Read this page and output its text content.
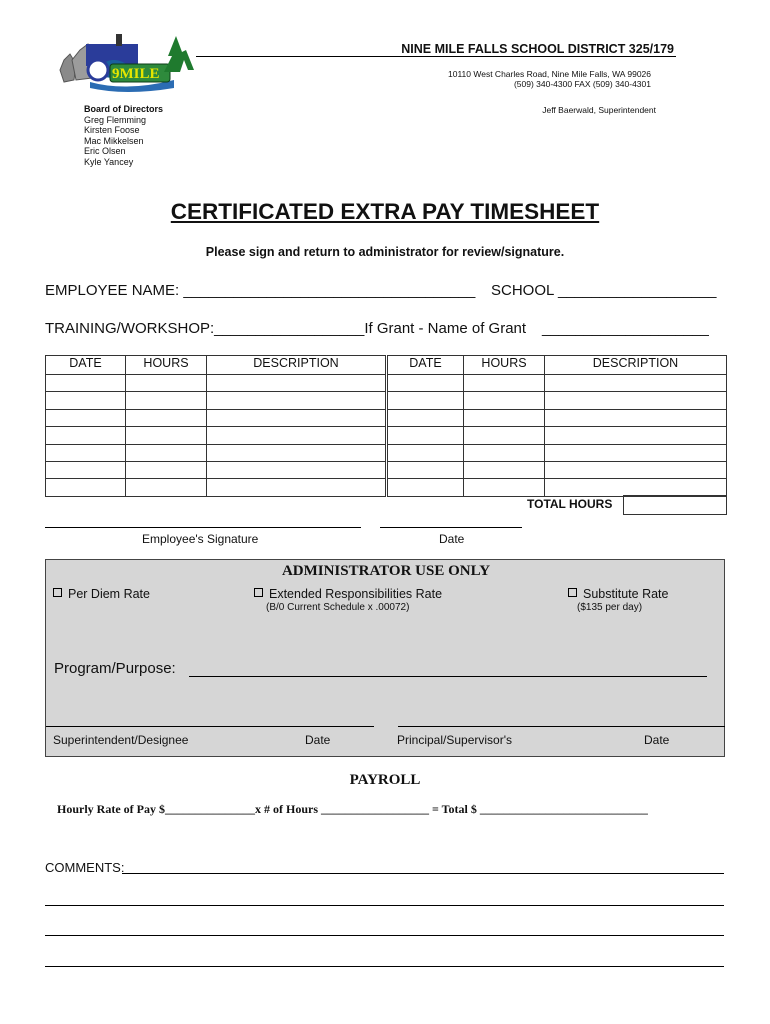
9MILE
NINE MILE FALLS SCHOOL DISTRICT 325/179
10110 West Charles Road, Nine Mile Falls, WA 99026
(509) 340-4300 FAX (509) 340-4301
Jeff Baerwald, Superintendent
Board of Directors
Greg Flemming
Kirsten Foose
Mac Mikkelsen
Eric Olsen
Kyle Yancey
CERTIFICATED EXTRA PAY TIMESHEET
Please sign and return to administrator for review/signature.
EMPLOYEE NAME: ___________________________________ SCHOOL ___________________
TRAINING/WORKSHOP:__________________If Grant - Name of Grant ____________________
DATE	HOURS	DESCRIPTION		DATE	HOURS	DESCRIPTION

TOTAL HOURS
Employee's Signature	Date
ADMINISTRATOR USE ONLY
Per Diem Rate	Extended Responsibilities Rate
(B/0 Current Schedule x .00072)
Substitute Rate
($135 per day)
Program/Purpose:
Superintendent/Designee	Date	Principal/Supervisor's	Date
PAYROLL
Hourly Rate of Pay $_______________x # of Hours __________________ = Total $ ____________________________
COMMENTS:
